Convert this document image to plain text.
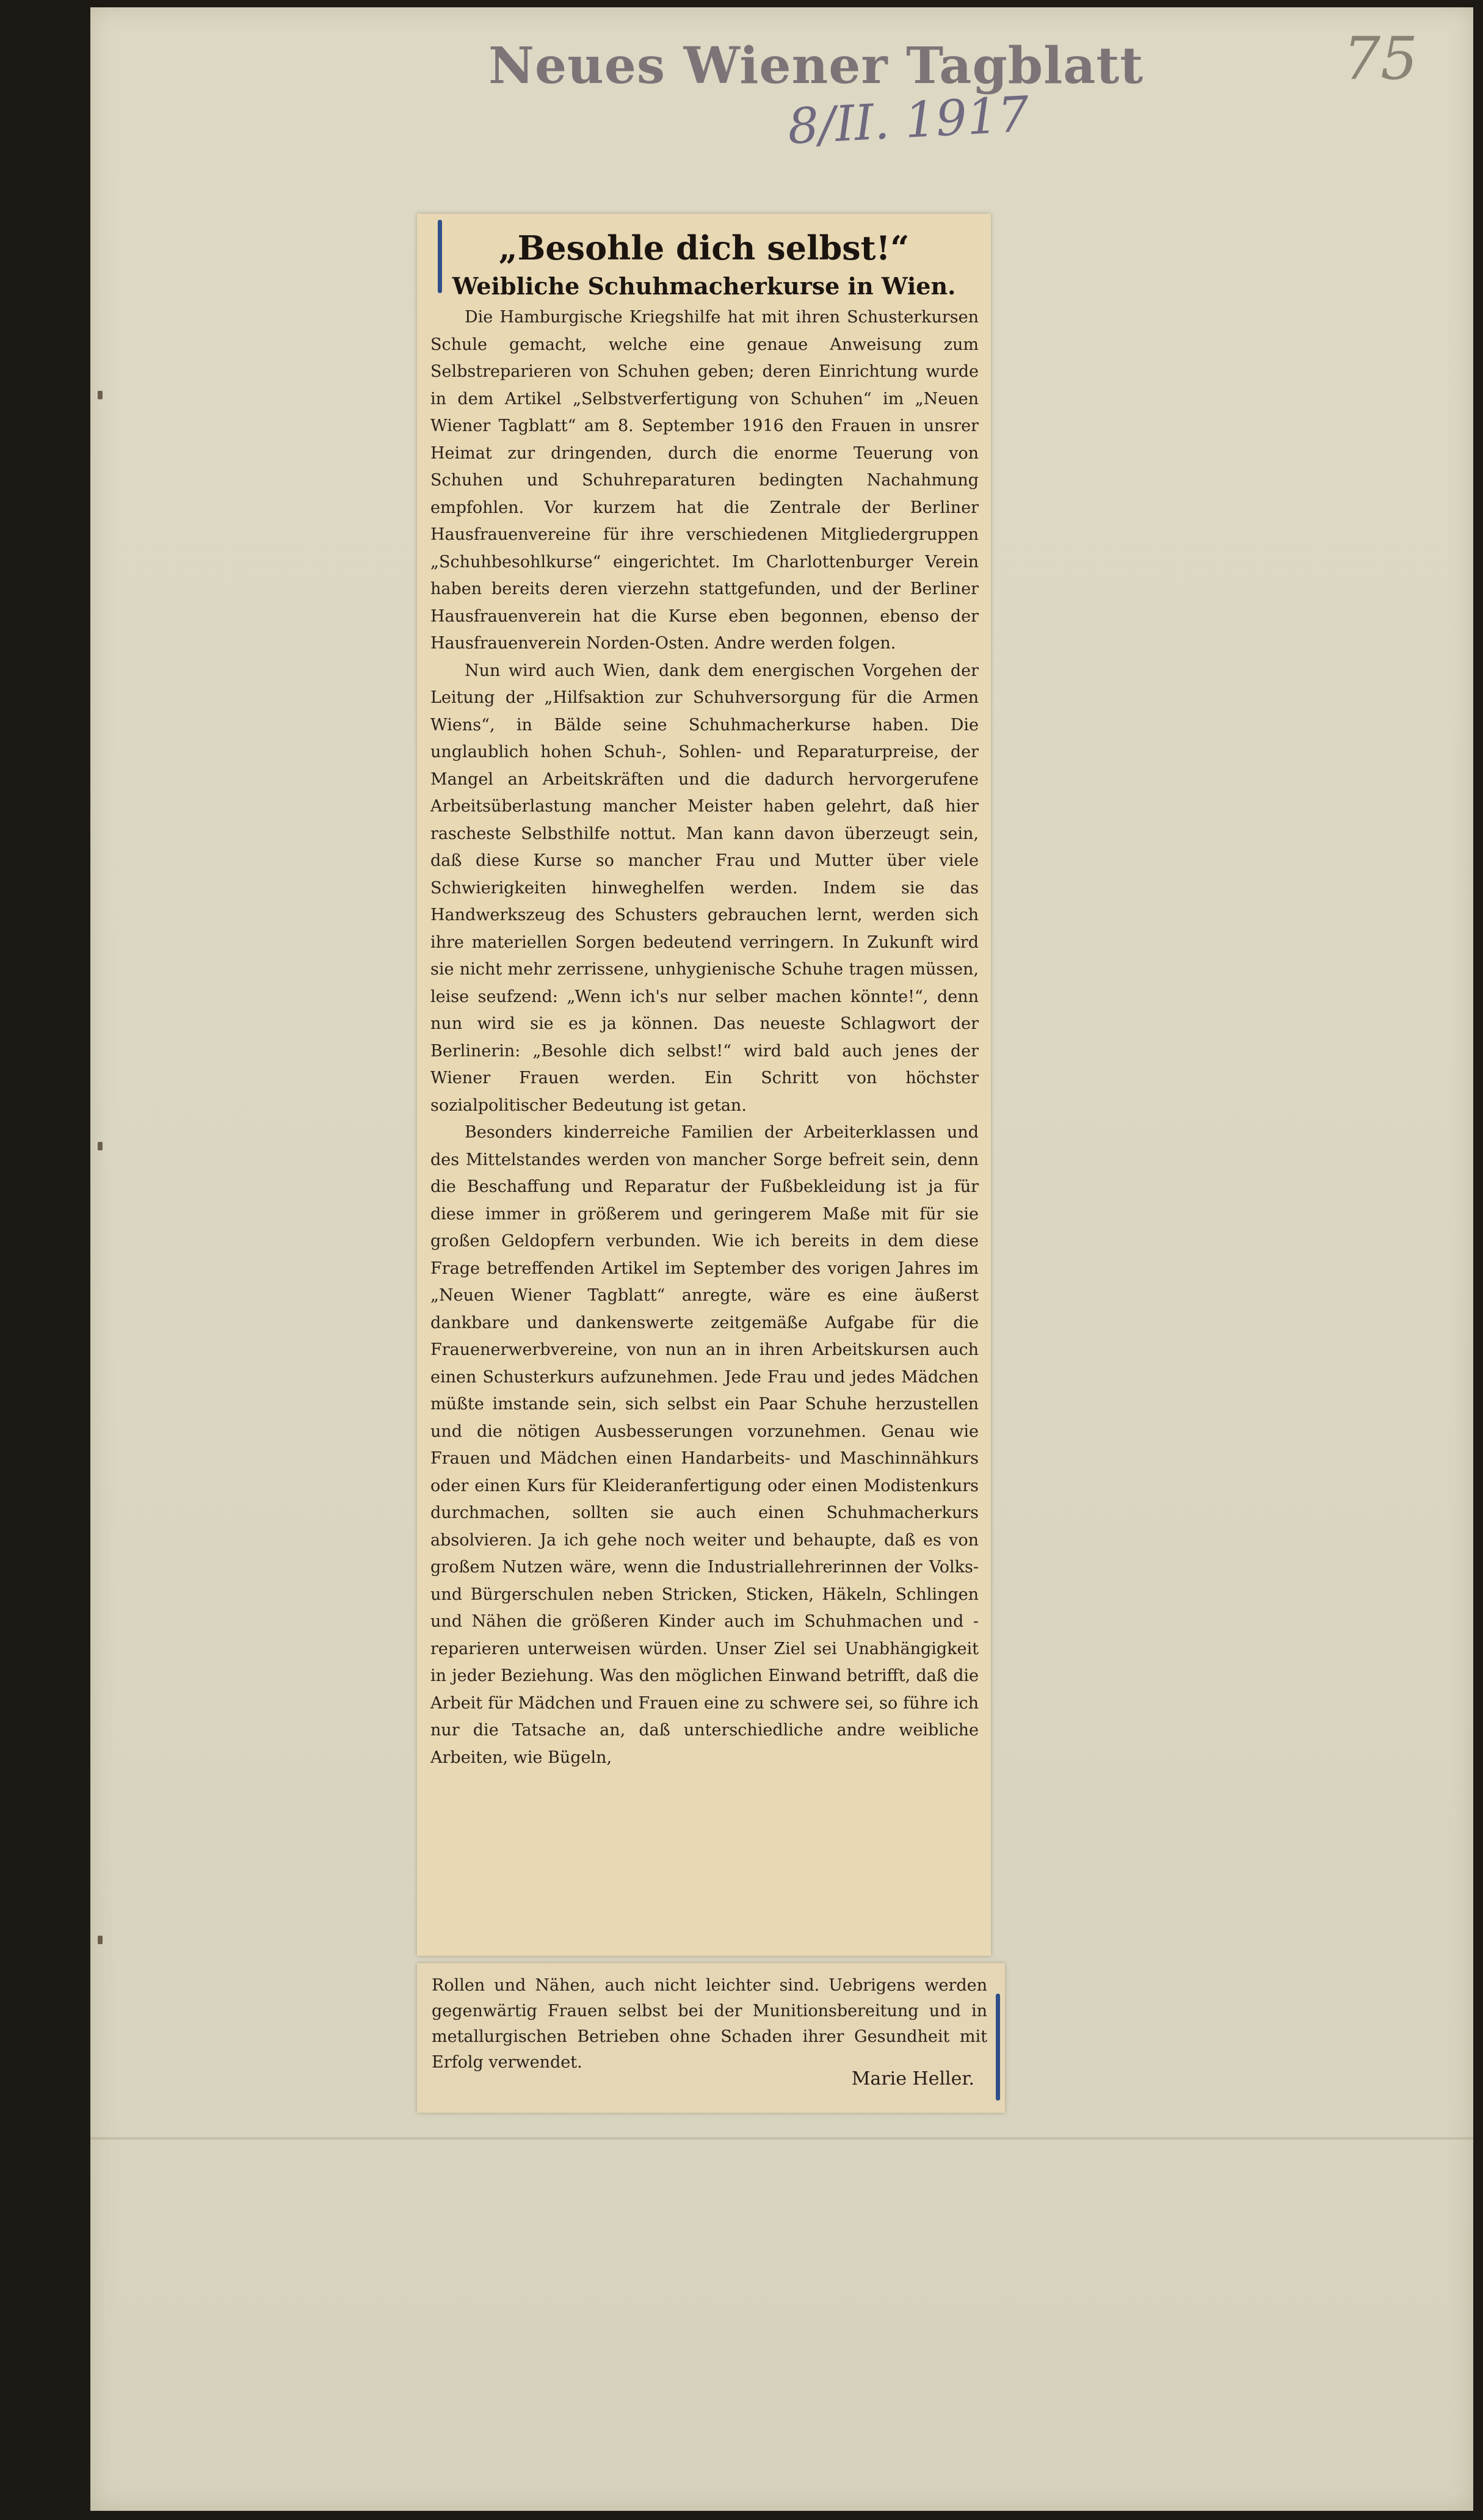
Neues Wiener Tagblatt
8/II. 1917
75
„Besohle dich selbst!“
Weibliche Schuhmacherkurse in Wien.

Die Hamburgische Kriegshilfe hat mit ihren Schusterkursen Schule gemacht, welche eine genaue Anweisung zum Selbstreparieren von Schuhen geben; deren Einrichtung wurde in dem Artikel „Selbstverfertigung von Schuhen“ im „Neuen Wiener Tagblatt“ am 8. September 1916 den Frauen in unsrer Heimat zur dringenden, durch die enorme Teuerung von Schuhen und Schuhreparaturen bedingten Nachahmung empfohlen. Vor kurzem hat die Zentrale der Berliner Hausfrauenvereine für ihre verschiedenen Mitgliedergruppen „Schuhbesohlkurse“ eingerichtet. Im Charlottenburger Verein haben bereits deren vierzehn stattgefunden, und der Berliner Hausfrauenverein hat die Kurse eben begonnen, ebenso der Hausfrauenverein Norden-Osten. Andre werden folgen.

Nun wird auch Wien, dank dem energischen Vorgehen der Leitung der „Hilfsaktion zur Schuhversorgung für die Armen Wiens“, in Bälde seine Schuhmacherkurse haben. Die unglaublich hohen Schuh-, Sohlen- und Reparaturpreise, der Mangel an Arbeitskräften und die dadurch hervorgerufene Arbeitsüberlastung mancher Meister haben gelehrt, daß hier rascheste Selbsthilfe nottut. Man kann davon überzeugt sein, daß diese Kurse so mancher Frau und Mutter über viele Schwierigkeiten hinweghelfen werden. Indem sie das Handwerkszeug des Schusters gebrauchen lernt, werden sich ihre materiellen Sorgen bedeutend verringern. In Zukunft wird sie nicht mehr zerrissene, unhygienische Schuhe tragen müssen, leise seufzend: „Wenn ich's nur selber machen könnte!“, denn nun wird sie es ja können. Das neueste Schlagwort der Berlinerin: „Besohle dich selbst!“ wird bald auch jenes der Wiener Frauen werden. Ein Schritt von höchster sozialpolitischer Bedeutung ist getan.

Besonders kinderreiche Familien der Arbeiterklassen und des Mittelstandes werden von mancher Sorge befreit sein, denn die Beschaffung und Reparatur der Fußbekleidung ist ja für diese immer in größerem und geringerem Maße mit für sie großen Geldopfern verbunden. Wie ich bereits in dem diese Frage betreffenden Artikel im September des vorigen Jahres im „Neuen Wiener Tagblatt“ anregte, wäre es eine äußerst dankbare und dankenswerte zeitgemäße Aufgabe für die Frauenerwerbvereine, von nun an in ihren Arbeitskursen auch einen Schusterkurs aufzunehmen. Jede Frau und jedes Mädchen müßte imstande sein, sich selbst ein Paar Schuhe herzustellen und die nötigen Ausbesserungen vorzunehmen. Genau wie Frauen und Mädchen einen Handarbeits- und Maschinnähkurs oder einen Kurs für Kleideranfertigung oder einen Modistenkurs durchmachen, sollten sie auch einen Schuhmacherkurs absolvieren. Ja ich gehe noch weiter und behaupte, daß es von großem Nutzen wäre, wenn die Industriallehrerinnen der Volks- und Bürgerschulen neben Stricken, Sticken, Häkeln, Schlingen und Nähen die größeren Kinder auch im Schuhmachen und -reparieren unterweisen würden. Unser Ziel sei Unabhängigkeit in jeder Beziehung. Was den möglichen Einwand betrifft, daß die Arbeit für Mädchen und Frauen eine zu schwere sei, so führe ich nur die Tatsache an, daß unterschiedliche andre weibliche Arbeiten, wie Bügeln,

Rollen und Nähen, auch nicht leichter sind. Uebrigens werden gegenwärtig Frauen selbst bei der Munitionsbereitung und in metallurgischen Betrieben ohne Schaden ihrer Gesundheit mit Erfolg verwendet.
Marie Heller.
